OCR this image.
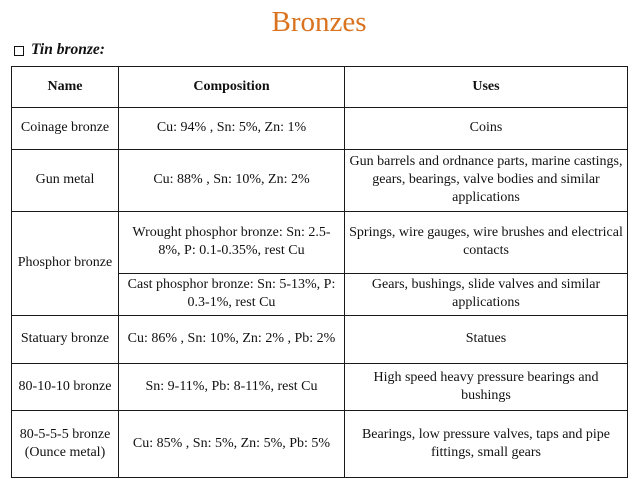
Bronzes
Tin bronze:
Name	Composition	Uses
Coinage bronze	Cu: 94% , Sn: 5%, Zn: 1%	Coins
Gun metal	Cu: 88% , Sn: 10%, Zn: 2%	Gun barrels and ordnance parts, marine castings, gears, bearings, valve bodies and similar applications
Phosphor bronze	Wrought phosphor bronze: Sn: 2.5-8%, P: 0.1-0.35%, rest Cu	Springs, wire gauges, wire brushes and electrical contacts
	Cast phosphor bronze: Sn: 5-13%, P: 0.3-1%, rest Cu	Gears, bushings, slide valves and similar applications
Statuary bronze	Cu: 86% , Sn: 10%, Zn: 2% , Pb: 2%	Statues
80-10-10 bronze	Sn: 9-11%, Pb: 8-11%, rest Cu	High speed heavy pressure bearings and bushings
80-5-5-5 bronze (Ounce metal)	Cu: 85% , Sn: 5%, Zn: 5%, Pb: 5%	Bearings, low pressure valves, taps and pipe fittings, small gears
